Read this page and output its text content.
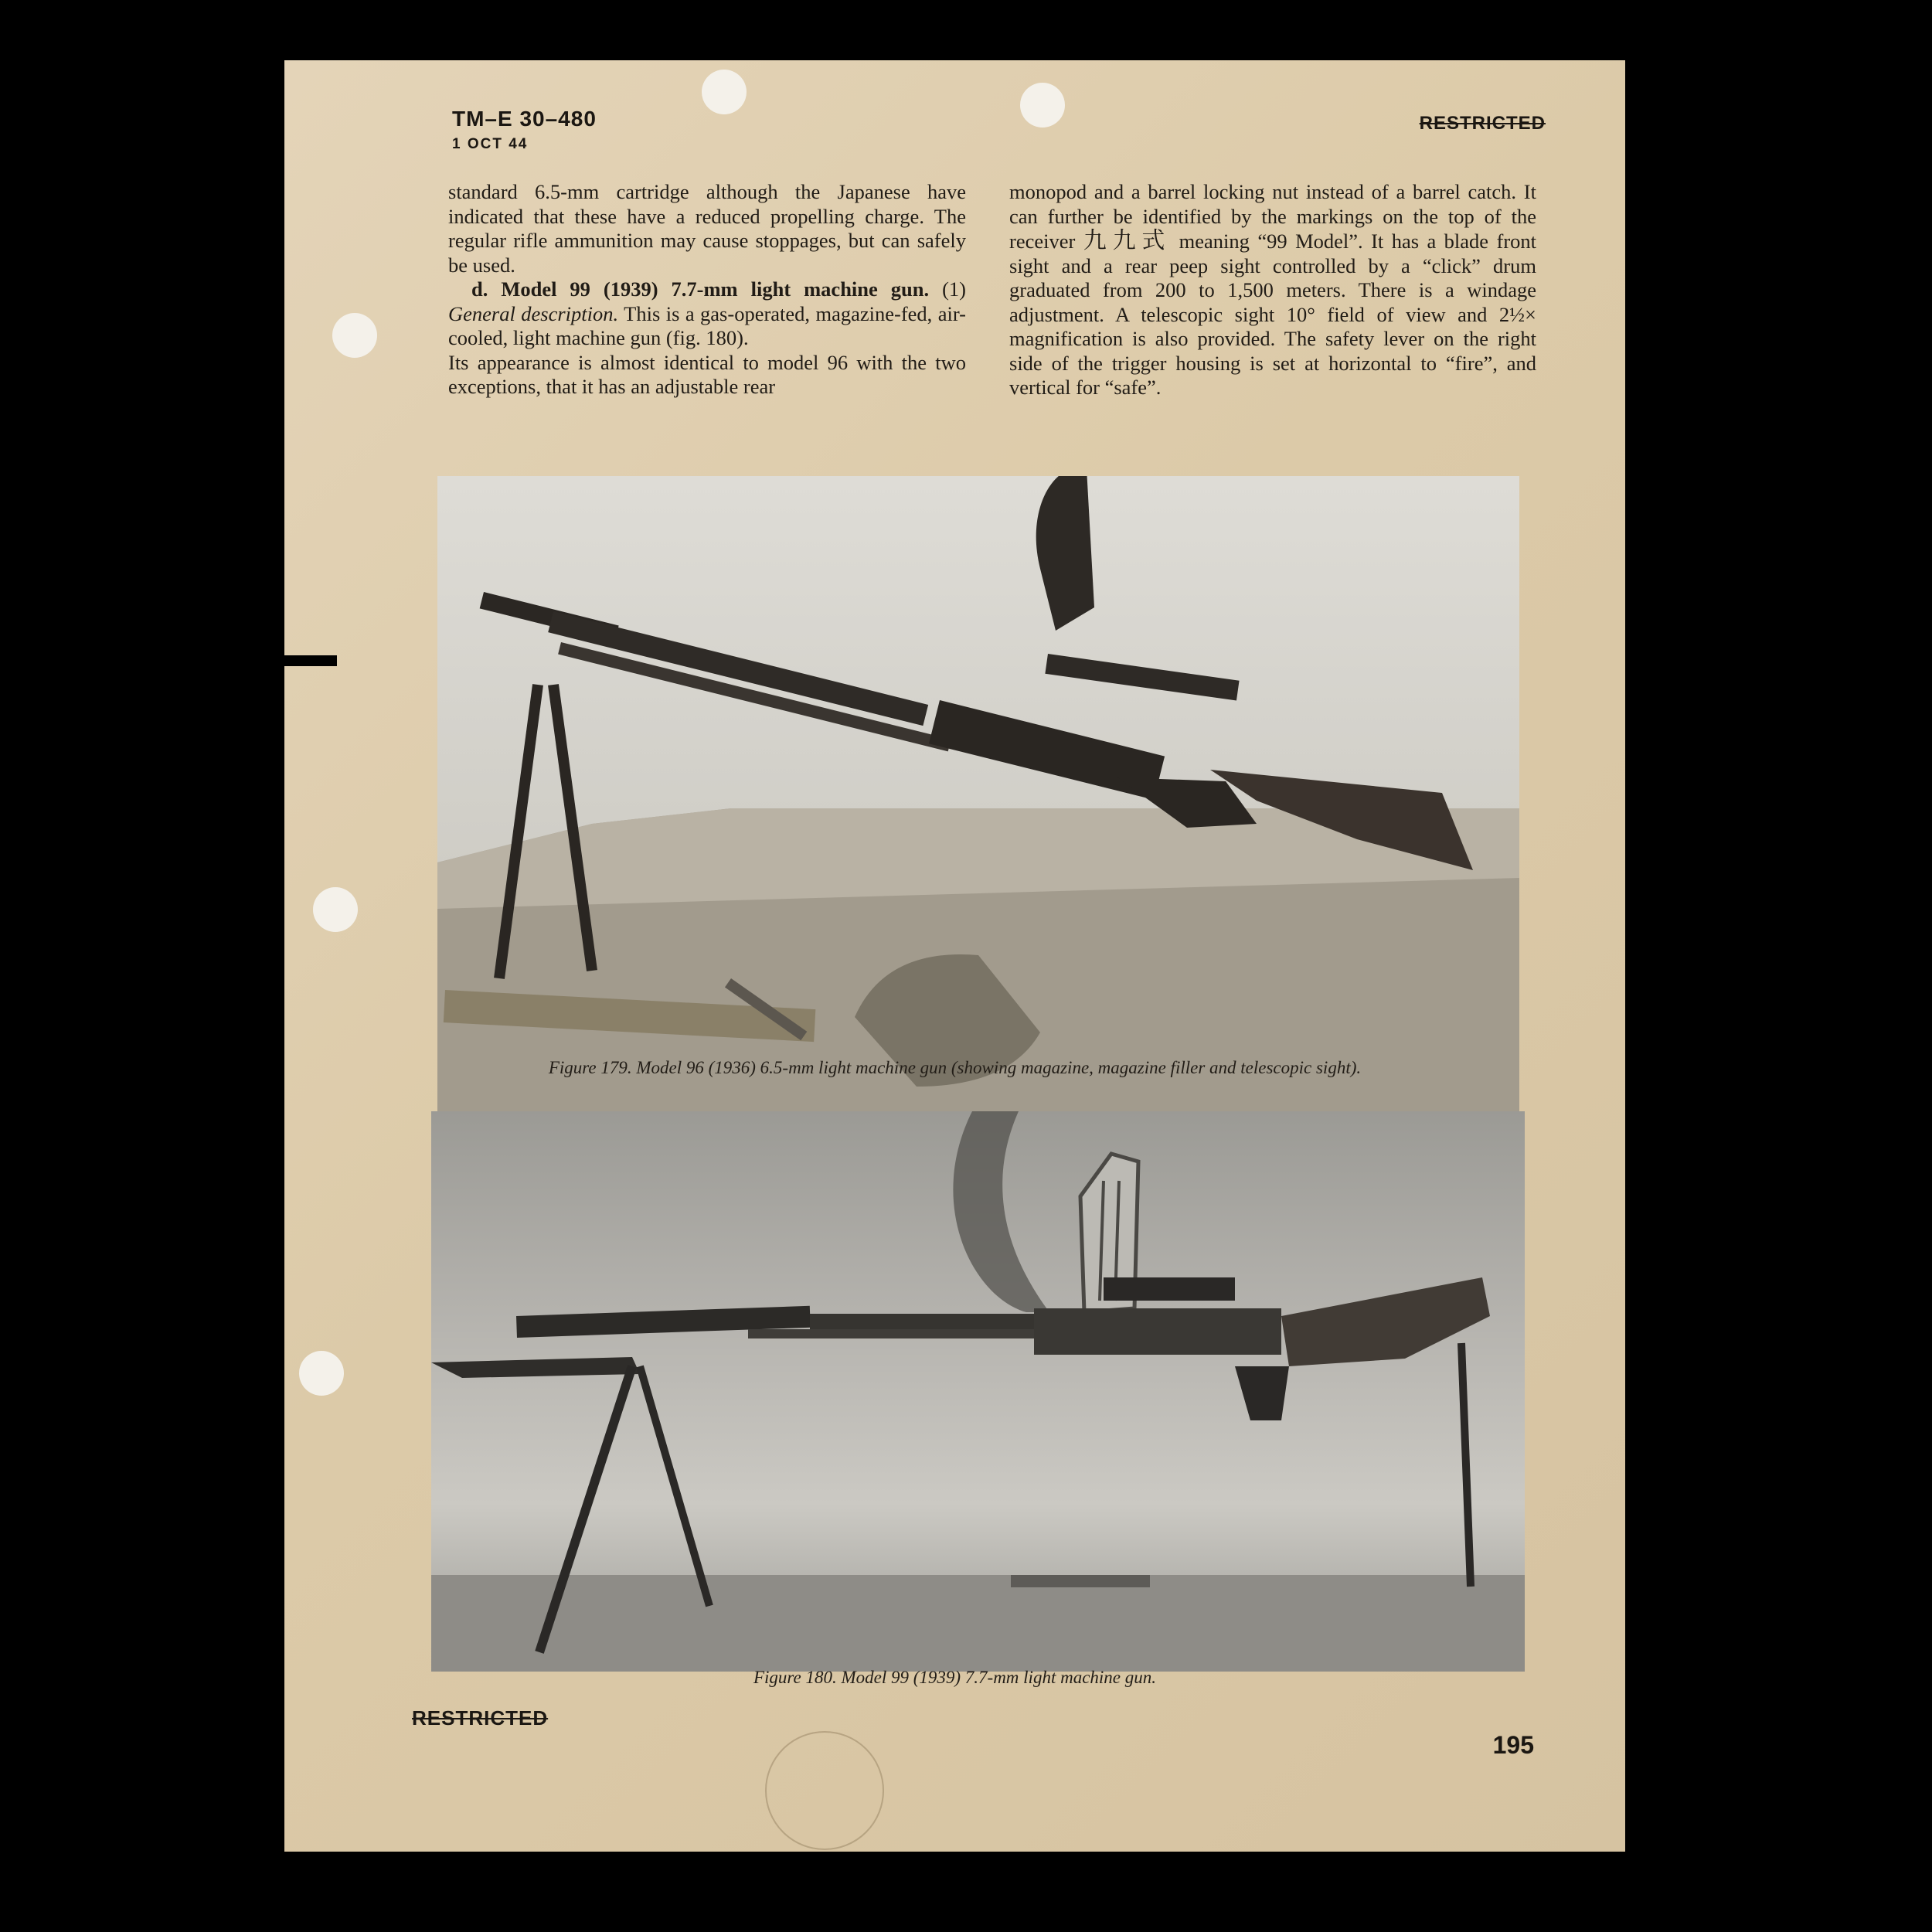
TM–E 30–480
1 OCT 44
RESTRICTED

standard 6.5-mm cartridge although the Japanese have indicated that these have a reduced propelling charge. The regular rifle ammunition may cause stoppages, but can safely be used.

d. Model 99 (1939) 7.7-mm light machine gun. (1) General description. This is a gas-operated, magazine-fed, air-cooled, light machine gun (fig. 180).

Its appearance is almost identical to model 96 with the two exceptions, that it has an adjustable rear

monopod and a barrel locking nut instead of a barrel catch. It can further be identified by the markings on the top of the receiver 九九式 meaning “99 Model”. It has a blade front sight and a rear peep sight controlled by a “click” drum graduated from 200 to 1,500 meters. There is a windage adjustment. A telescopic sight 10° field of view and 2½× magnification is also provided. The safety lever on the right side of the trigger housing is set at horizontal to “fire”, and vertical for “safe”.

Figure 179. Model 96 (1936) 6.5-mm light machine gun (showing magazine, magazine filler and telescopic sight).
Figure 180. Model 99 (1939) 7.7-mm light machine gun.
RESTRICTED
195
